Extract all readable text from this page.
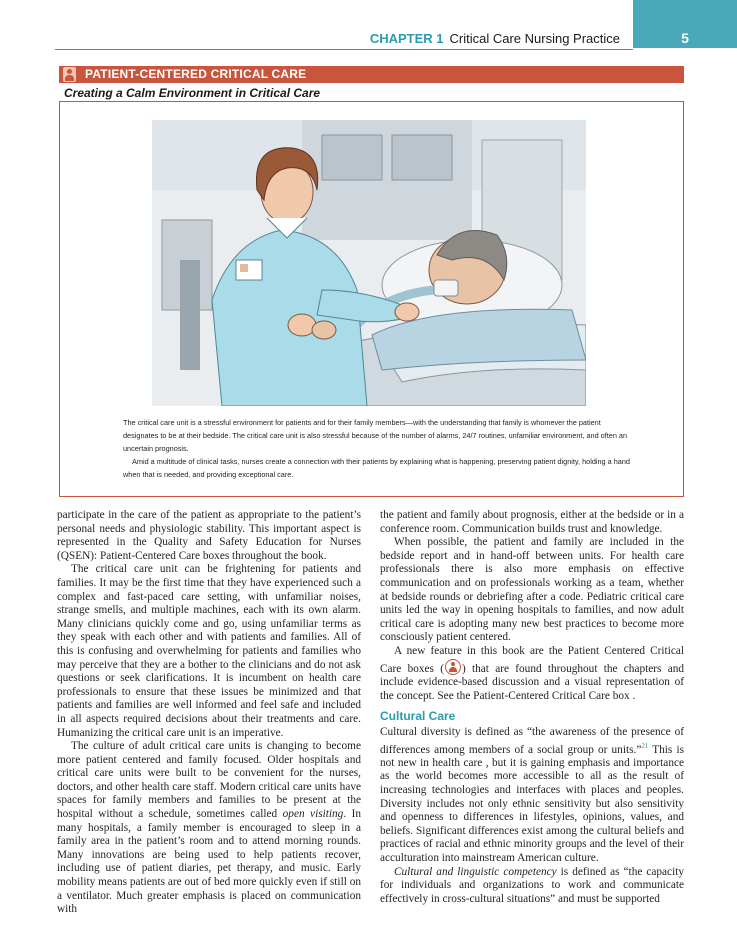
CHAPTER 1 Critical Care Nursing Practice	5
PATIENT-CENTERED CRITICAL CARE
Creating a Calm Environment in Critical Care

The critical care unit is a stressful environment for patients and for their family members—with the understanding that family is whomever the patient designates to be at their bedside. The critical care unit is also stressful because of the number of alarms, 24/7 routines, unfamiliar environment, and often an uncertain prognosis.

Amid a multitude of clinical tasks, nurses create a connection with their patients by explaining what is happening, preserving patient dignity, holding a hand when that is needed, and providing exceptional care.

participate in the care of the patient as appropriate to the patient’s personal needs and physiologic stability. This important aspect is represented in the Quality and Safety Education for Nurses (QSEN): Patient-Centered Care boxes throughout the book.

The critical care unit can be frightening for patients and families. It may be the first time that they have experienced such a complex and fast-paced care setting, with unfamiliar noises, strange smells, and multiple machines, each with its own alarm. Many clinicians quickly come and go, using unfamiliar terms as they speak with each other and with patients and families. All of this is confusing and overwhelming for patients and families who may perceive that they are a bother to the clinicians and do not ask questions or seek clarifications. It is incumbent on health care professionals to ensure that these issues be minimized and that patients and families are well informed and feel safe and included in all aspects required decisions about their treatments and care. Humanizing the critical care unit is an imperative.

The culture of adult critical care units is changing to become more patient centered and family focused. Older hospitals and critical care units were built to be convenient for the nurses, doctors, and other health care staff. Modern critical care units have spaces for family members and families to be present at the hospital without a schedule, sometimes called open visiting. In many hospitals, a family member is encouraged to sleep in a family area in the patient’s room and to attend morning rounds. Many innovations are being used to help patients recover, including use of patient diaries, pet therapy, and music. Early mobility means patients are out of bed more quickly even if still on a ventilator. Much greater emphasis is placed on communication with

the patient and family about prognosis, either at the bedside or in a conference room. Communication builds trust and knowledge.

When possible, the patient and family are included in the bedside report and in hand-off between units. For health care professionals there is also more emphasis on effective communication and on professionals working as a team, whether at bedside rounds or debriefing after a code. Pediatric critical care units led the way in opening hospitals to families, and now adult critical care is adopting many new best practices to become more consciously patient centered.

A new feature in this book are the Patient Centered Critical Care boxes ( ) that are found throughout the chapters and include evidence-based discussion and a visual representation of the concept. See the Patient-Centered Critical Care box .

Cultural Care

Cultural diversity is defined as “the awareness of the presence of differences among members of a social group or units.”$^{21}$ This is not new in health care , but it is gaining emphasis and importance as the world becomes more accessible to all as the result of increasing technologies and interfaces with places and peoples. Diversity includes not only ethnic sensitivity but also sensitivity and openness to differences in lifestyles, opinions, values, and beliefs. Significant differences exist among the cultural beliefs and practices of racial and ethnic minority groups and the level of their acculturation into mainstream American culture.

Cultural and linguistic competency is defined as “the capacity for individuals and organizations to work and communicate effectively in cross-cultural situations” and must be supported
